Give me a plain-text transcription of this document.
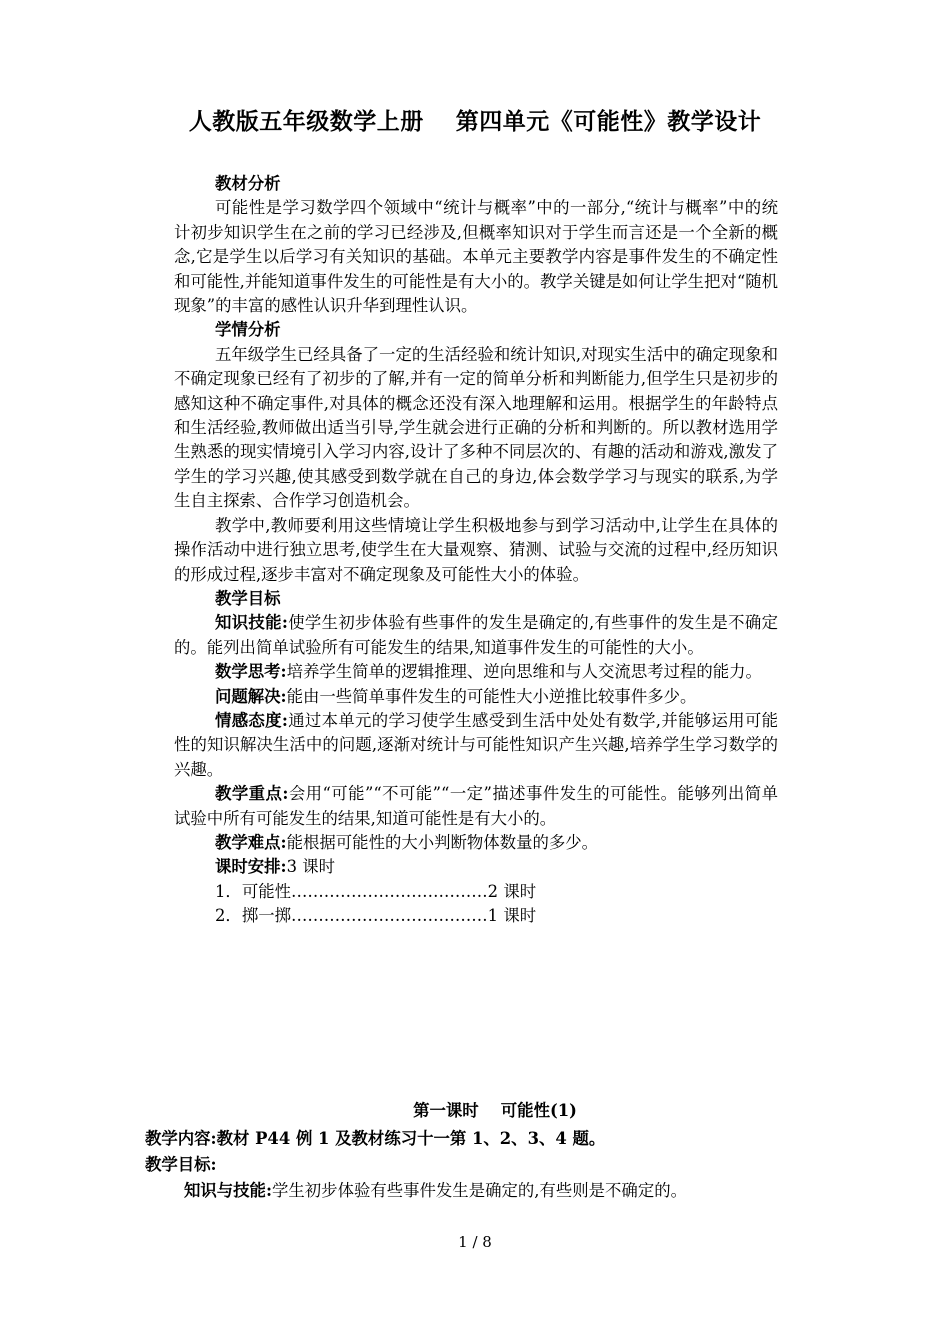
人教版五年级数学上册　 第四单元《可能性》教学设计

教材分析

可能性是学习数学四个领域中“统计与概率”中的一部分,“统计与概率”中的统计初步知识学生在之前的学习已经涉及,但概率知识对于学生而言还是一个全新的概念,它是学生以后学习有关知识的基础。本单元主要教学内容是事件发生的不确定性和可能性,并能知道事件发生的可能性是有大小的。教学关键是如何让学生把对“随机现象”的丰富的感性认识升华到理性认识。

学情分析

五年级学生已经具备了一定的生活经验和统计知识,对现实生活中的确定现象和不确定现象已经有了初步的了解,并有一定的简单分析和判断能力,但学生只是初步的感知这种不确定事件,对具体的概念还没有深入地理解和运用。根据学生的年龄特点和生活经验,教师做出适当引导,学生就会进行正确的分析和判断的。所以教材选用学生熟悉的现实情境引入学习内容,设计了多种不同层次的、有趣的活动和游戏,激发了学生的学习兴趣,使其感受到数学就在自己的身边,体会数学学习与现实的联系,为学生自主探索、合作学习创造机会。

教学中,教师要利用这些情境让学生积极地参与到学习活动中,让学生在具体的操作活动中进行独立思考,使学生在大量观察、猜测、试验与交流的过程中,经历知识的形成过程,逐步丰富对不确定现象及可能性大小的体验。

教学目标

知识技能:使学生初步体验有些事件的发生是确定的,有些事件的发生是不确定的。能列出简单试验所有可能发生的结果,知道事件发生的可能性的大小。

数学思考:培养学生简单的逻辑推理、逆向思维和与人交流思考过程的能力。

问题解决:能由一些简单事件发生的可能性大小逆推比较事件多少。

情感态度:通过本单元的学习使学生感受到生活中处处有数学,并能够运用可能性的知识解决生活中的问题,逐渐对统计与可能性知识产生兴趣,培养学生学习数学的兴趣。

教学重点:会用“可能”“不可能”“一定”描述事件发生的可能性。能够列出简单试验中所有可能发生的结果,知道可能性是有大小的。

教学难点:能根据可能性的大小判断物体数量的多少。

课时安排:3 课时

1．可能性………………………………2 课时

2．掷一掷………………………………1 课时

第一课时　 可能性(1)

教学内容:教材 P44 例 1 及教材练习十一第 1、2、3、4 题。

教学目标:

知识与技能:学生初步体验有些事件发生是确定的,有些则是不确定的。

1 / 8
